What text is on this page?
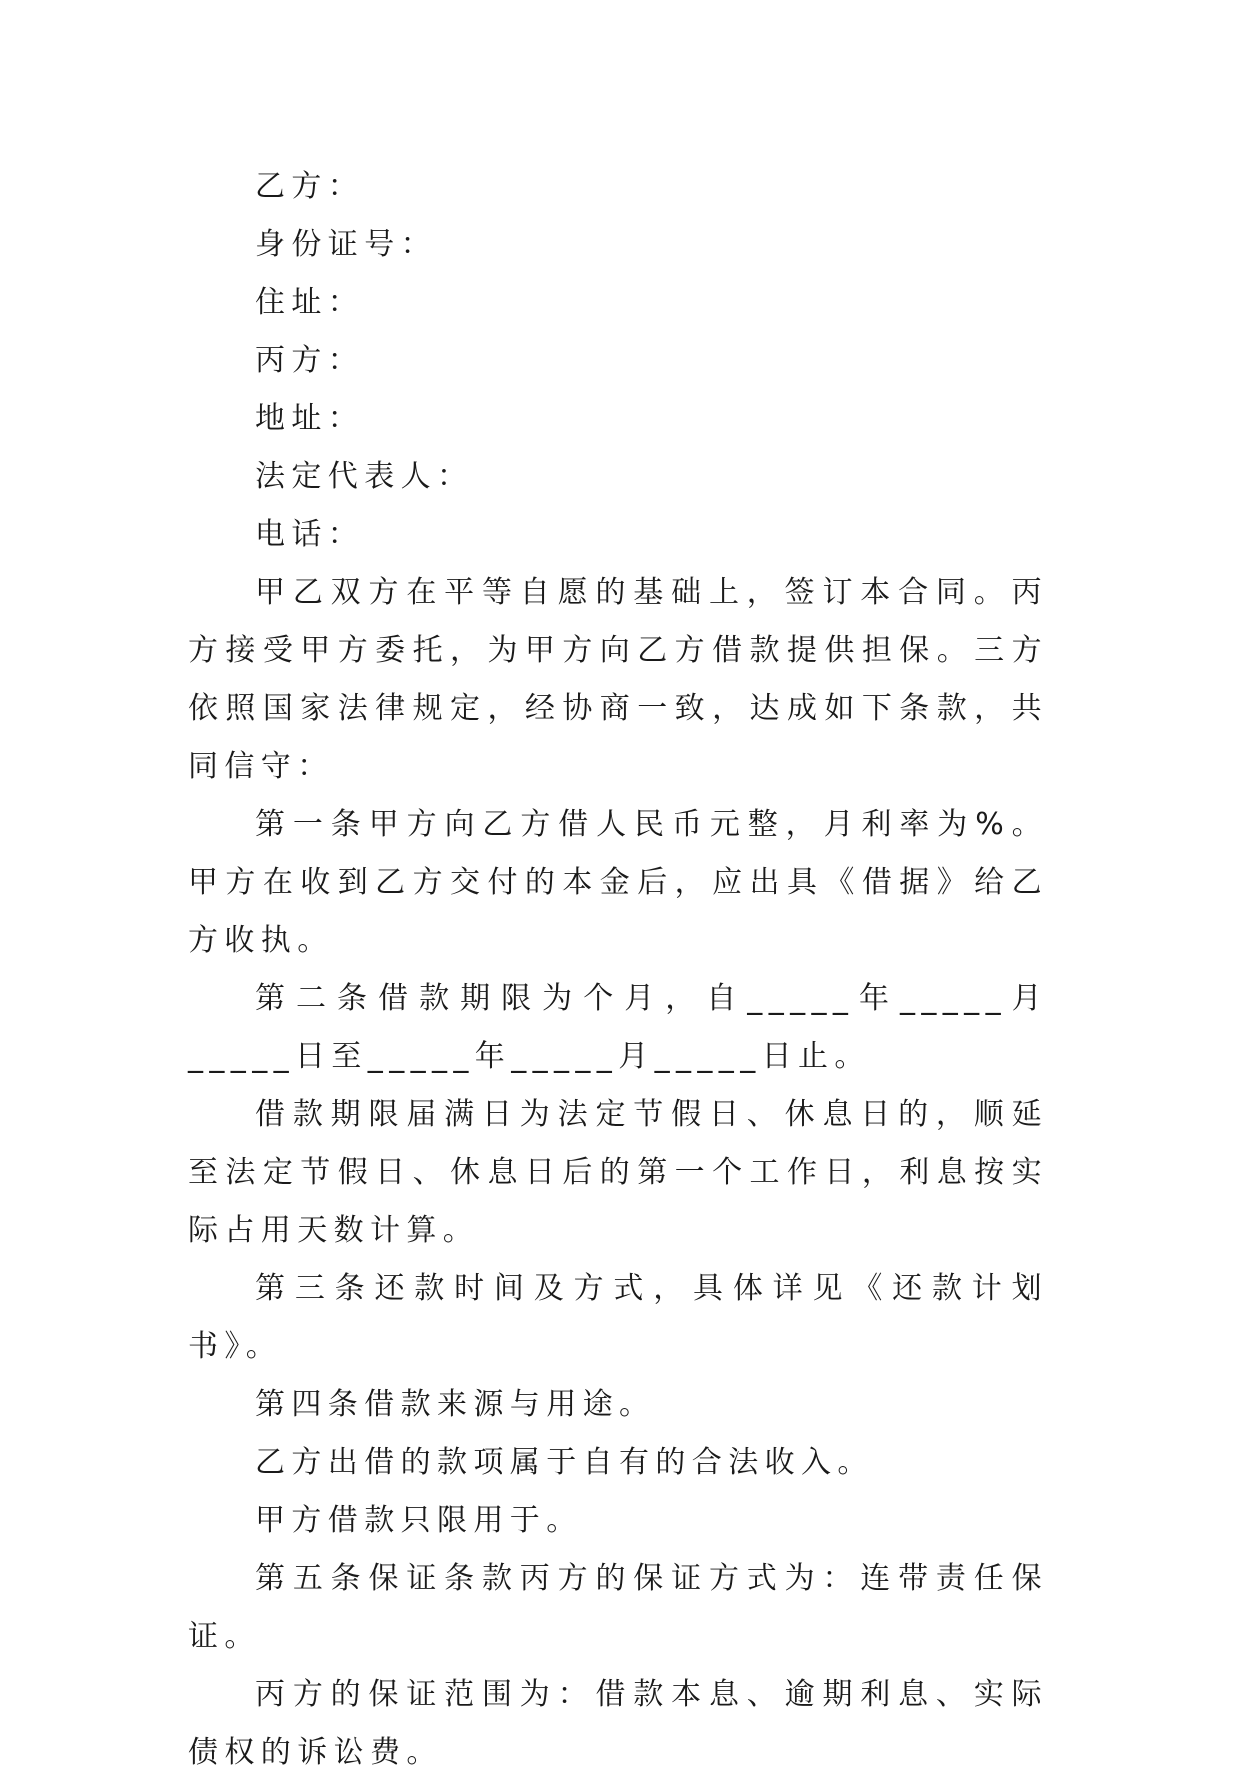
乙方：

身份证号：

住址：

丙方：

地址：

法定代表人：

电话：

甲乙双方在平等自愿的基础上，签订本合同。丙方接受甲方委托，为甲方向乙方借款提供担保。三方依照国家法律规定，经协商一致，达成如下条款，共同信守：

第一条甲方向乙方借人民币元整，月利率为%。甲方在收到乙方交付的本金后，应出具《借据》给乙方收执。

第二条借款期限为个月，自_____年_____月_____日至_____年_____月_____日止。

借款期限届满日为法定节假日、休息日的，顺延至法定节假日、休息日后的第一个工作日，利息按实际占用天数计算。

第三条还款时间及方式，具体详见《还款计划书》。

第四条借款来源与用途。

乙方出借的款项属于自有的合法收入。

甲方借款只限用于。

第五条保证条款丙方的保证方式为：连带责任保证。

丙方的保证范围为：借款本息、逾期利息、实际债权的诉讼费。
